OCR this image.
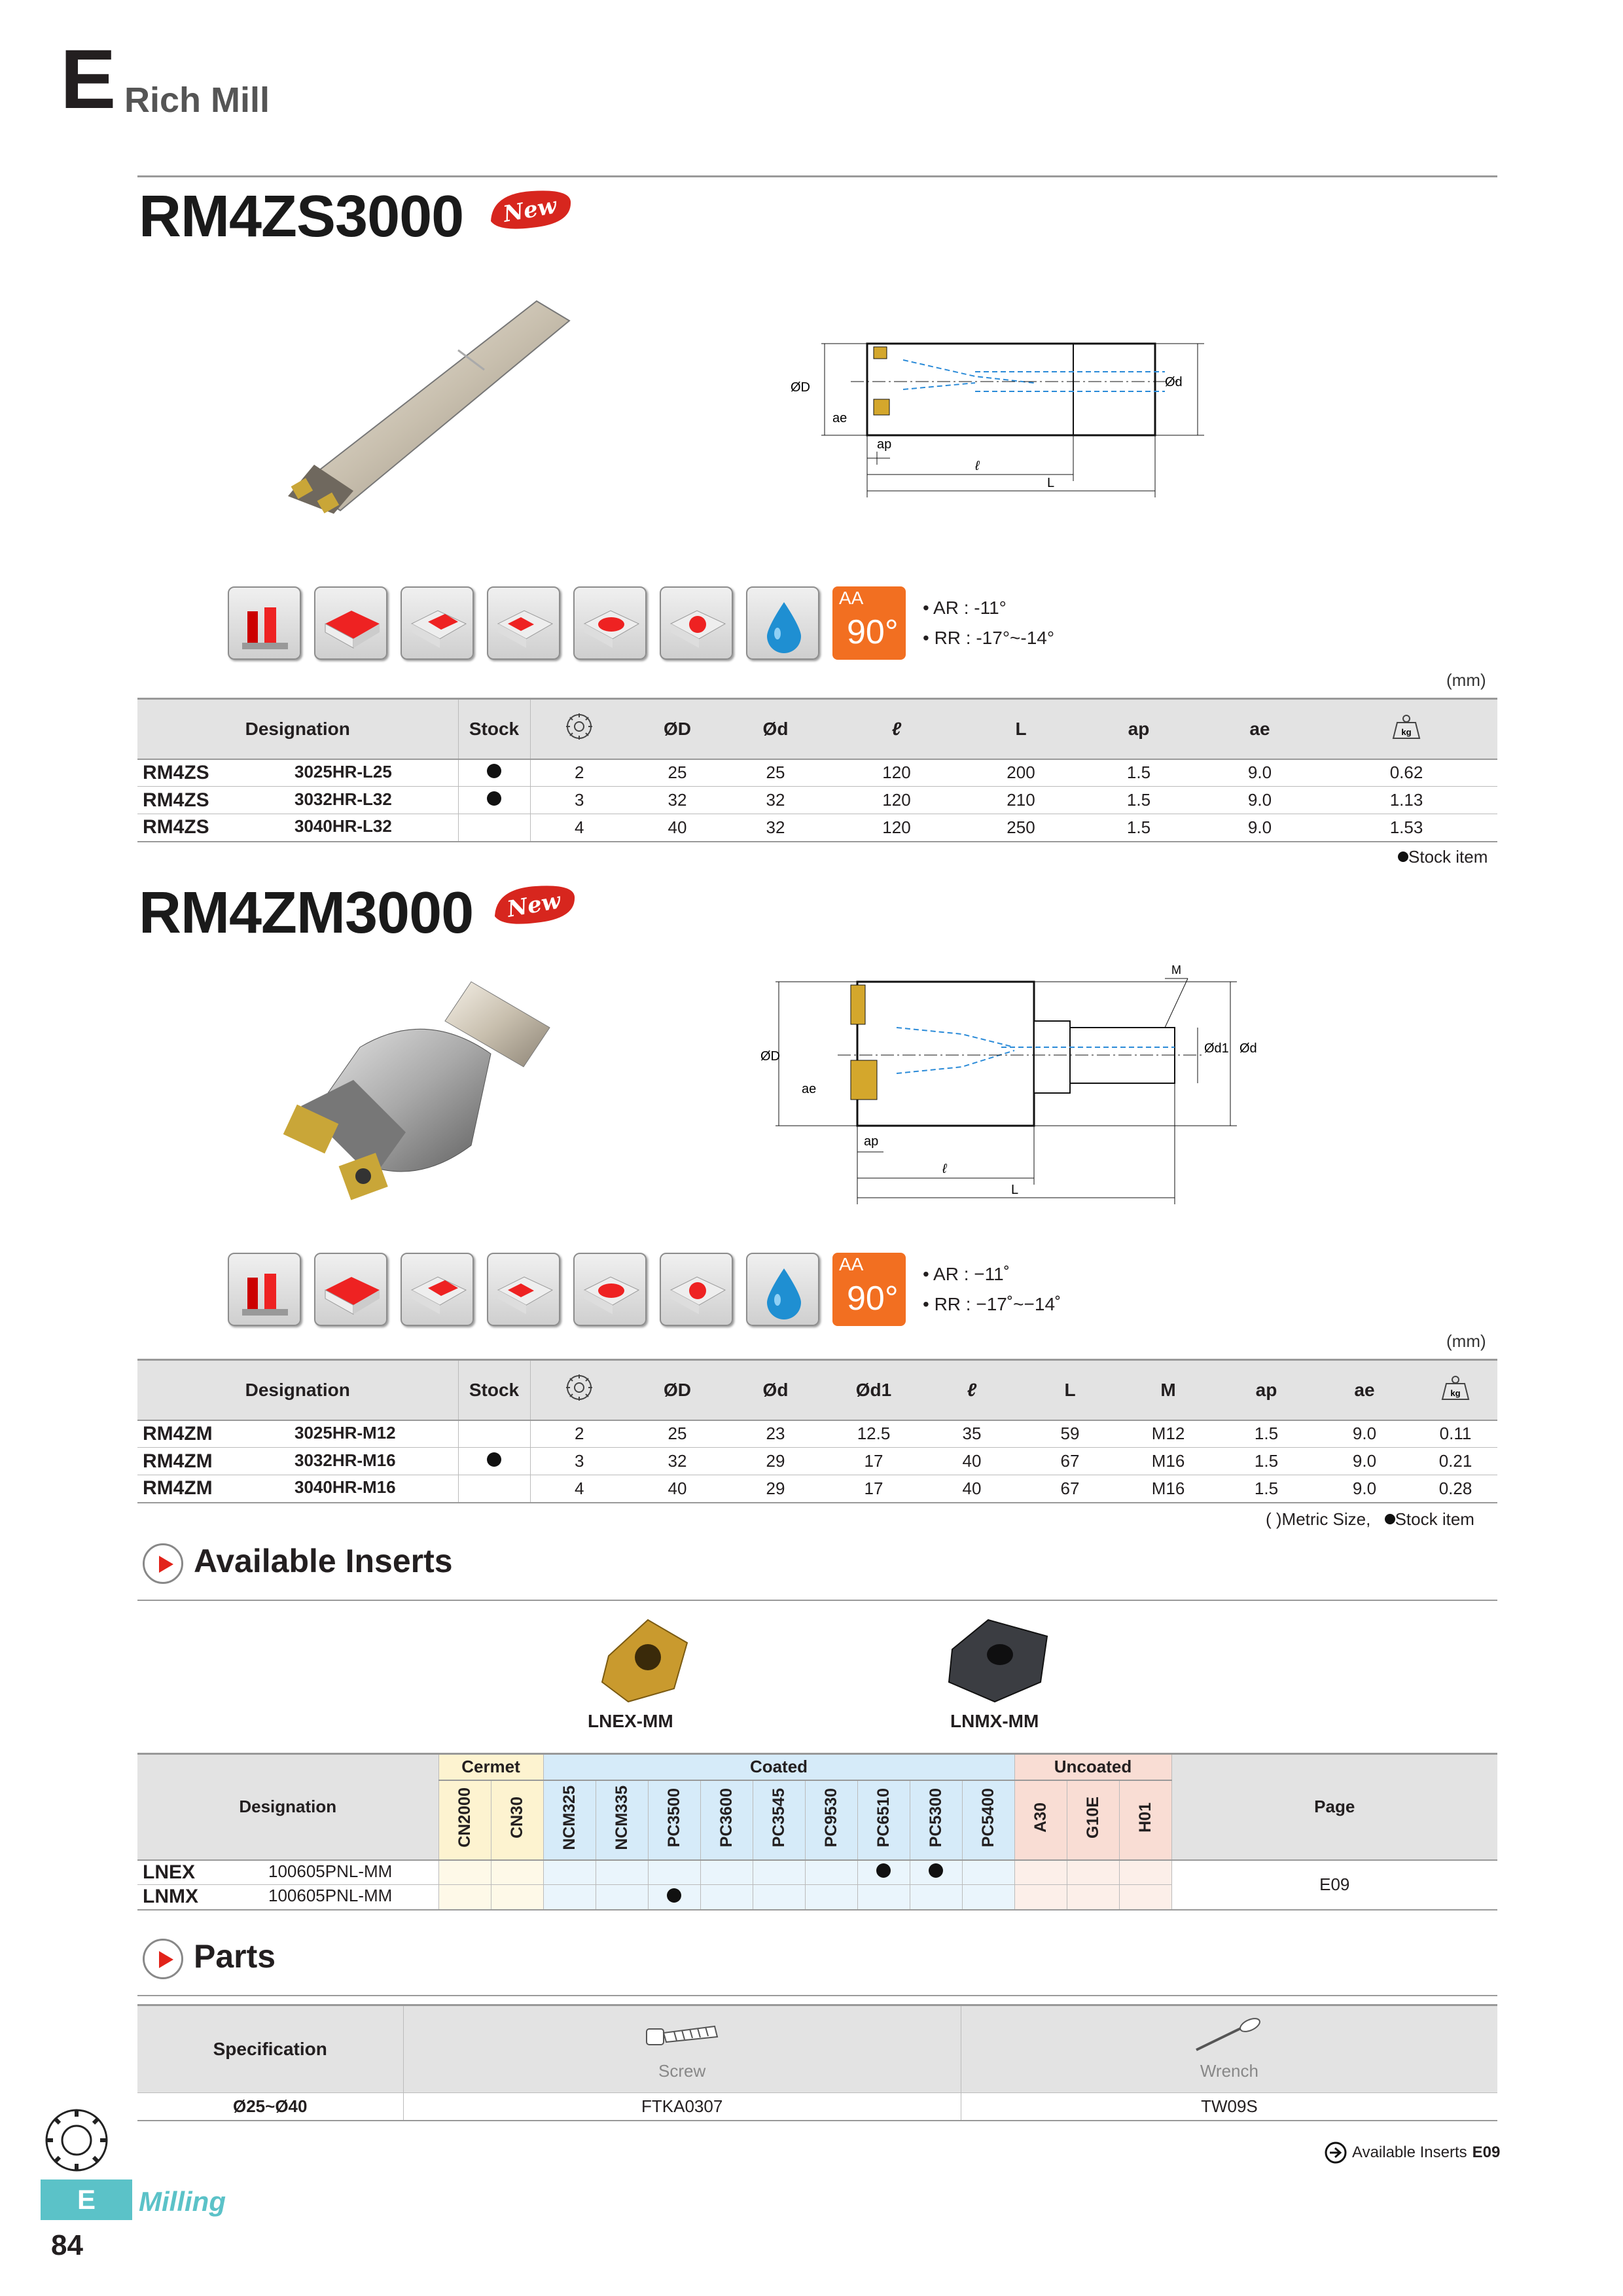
E Rich Mill
RM4ZS3000 New
ØD	Ød
ae
ap
ℓ
L
AA
90°
• AR : -11°
• RR : -17°~-14°
(mm)
Designation	Stock		ØD	Ød	ℓ	L	ap	ae	kg

RM4ZS 3025HR-L25		2	25	25	120	200	1.5	9.0	0.62

RM4ZS 3032HR-L32		3	32	32	120	210	1.5	9.0	1.13

RM4ZS 3040HR-L32		4	40	32	120	250	1.5	9.0	1.53
Stock item
RM4ZM3000 New
ØD
Ød1 Ød
M
ae
ap
ℓ
L
AA
90°
• AR : −11˚
• RR : −17˚~−14˚
(mm)
Designation	Stock		ØD	Ød	Ød1	ℓ	L	M	ap	ae	kg

RM4ZM 3025HR-M12		2	25	23	12.5	35	59	M12	1.5	9.0	0.11

RM4ZM 3032HR-M16		3	32	29	17	40	67	M16	1.5	9.0	0.21

RM4ZM 3040HR-M16		4	40	29	17	40	67	M16	1.5	9.0	0.28
( )Metric Size, Stock item
Available Inserts
LNEX-MM	LNMX-MM
Designation	Cermet		Coated									Uncoated			Page
	CN2000	CN30	NCM325	NCM335	PC3500	PC3600	PC3545	PC9530	PC6510	PC5300	PC5400	A30	G10E	H01	

LNEX 100605PNL-MM															E09

LNMX 100605PNL-MM															

Parts
Specification	Screw	Wrench

Ø25~Ø40	FTKA0307	TW09S
Available Inserts E09
E	Milling
84
